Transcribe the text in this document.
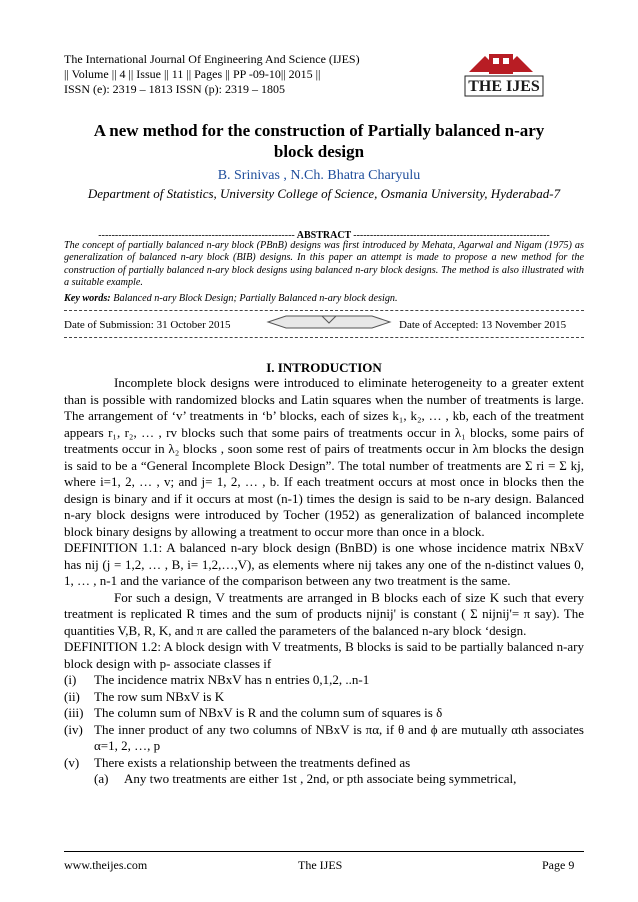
The International Journal Of Engineering And Science (IJES)
|| Volume || 4 || Issue || 11 || Pages || PP -09-10|| 2015 ||
ISSN (e): 2319 – 1813 ISSN (p): 2319 – 1805	THE IJES
A new method for the construction of Partially balanced n-ary
block design
B. Srinivas , N.Ch. Bhatra Charyulu
Department of Statistics, University College of Science, Osmania University, Hyderabad-7
----------------------------------------------------------- ABSTRACT -----------------------------------------------------------
The concept of partially balanced n-ary block (PBnB) designs was first introduced by Mehata, Agarwal and Nigam (1975) as generalization of balanced n-ary block (BIB) designs. In this paper an attempt is made to propose a new method for the construction of partially balanced n-ary block designs using balanced n-ary block designs. The method is also illustrated with a suitable example.
Key words: Balanced n-ary Block Design; Partially Balanced n-ary block design.
Date of Submission: 31 October 2015	Date of Accepted: 13 November 2015
I. INTRODUCTION

Incomplete block designs were introduced to eliminate heterogeneity to a greater extent than is possible with randomized blocks and Latin squares when the number of treatments is large. The arrangement of ‘v’ treatments in ‘b’ blocks, each of sizes k₁, k₂, … , kb, each of the treatment appears r₁, r₂, … , rv blocks such that some pairs of treatments occur in λ₁ blocks, some pairs of treatments occur in λ₂ blocks , soon some rest of pairs of treatments occur in λm blocks the design is said to be a “General Incomplete Block Design”. The total number of treatments are Σ ri = Σ kj, where i=1, 2, … , v; and j= 1, 2, … , b. If each treatment occurs at most once in blocks then the design is binary and if it occurs at most (n-1) times the design is said to be n-ary design. Balanced n-ary block designs were introduced by Tocher (1952) as generalization of balanced incomplete block binary designs by allowing a treatment to occur more than once in a block.

DEFINITION 1.1: A balanced n-ary block design (BnBD) is one whose incidence matrix NBxV has nij (j = 1,2, … , B, i= 1,2,…,V), as elements where nij takes any one of the n-distinct values 0, 1, … , n-1 and the variance of the comparison between any two treatment is the same.

For such a design, V treatments are arranged in B blocks each of size K such that every treatment is replicated R times and the sum of products nijnij' is constant ( Σ nijnij'= π say). The quantities V,B, R, K, and π are called the parameters of the balanced n-ary block ‘design.

DEFINITION 1.2: A block design with V treatments, B blocks is said to be partially balanced n-ary block design with p- associate classes if

(i)	The incidence matrix NBxV has n entries 0,1,2, ..n-1
(ii)	The row sum NBxV is K
(iii) The column sum of NBxV is R and the column sum of squares is δ
(iv) The inner product of any two columns of NBxV is πα, if θ and ϕ are mutually αth associates α=1, 2, …, p
(v)	There exists a relationship between the treatments defined as
(a)	Any two treatments are either 1st , 2nd, or pth associate being symmetrical,
www.theijes.com	The IJES	Page 9
